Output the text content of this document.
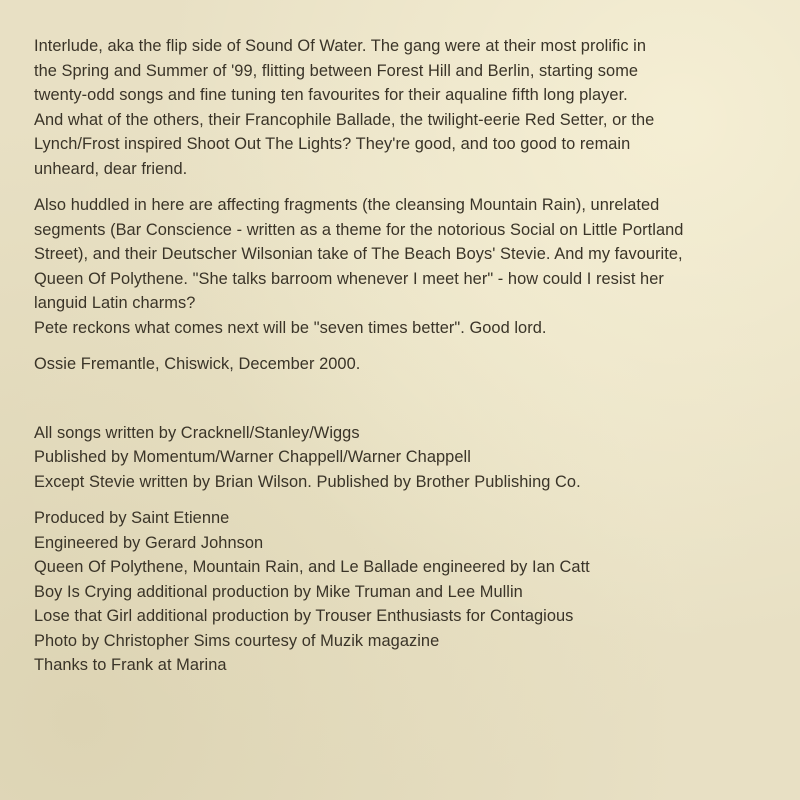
Interlude, aka the flip side of Sound Of Water. The gang were at their most prolific in
the Spring and Summer of '99, flitting between Forest Hill and Berlin, starting some
twenty-odd songs and fine tuning ten favourites for their aqualine fifth long player.
And what of the others, their Francophile Ballade, the twilight-eerie Red Setter, or the
Lynch/Frost inspired Shoot Out The Lights? They're good, and too good to remain
unheard, dear friend.

Also huddled in here are affecting fragments (the cleansing Mountain Rain), unrelated
segments (Bar Conscience - written as a theme for the notorious Social on Little Portland
Street), and their Deutscher Wilsonian take of The Beach Boys' Stevie. And my favourite,
Queen Of Polythene. "She talks barroom whenever I meet her" - how could I resist her
languid Latin charms?
Pete reckons what comes next will be "seven times better". Good lord.

Ossie Fremantle, Chiswick, December 2000.

All songs written by Cracknell/Stanley/Wiggs
Published by Momentum/Warner Chappell/Warner Chappell
Except Stevie written by Brian Wilson. Published by Brother Publishing Co.

Produced by Saint Etienne
Engineered by Gerard Johnson
Queen Of Polythene, Mountain Rain, and Le Ballade engineered by Ian Catt
Boy Is Crying additional production by Mike Truman and Lee Mullin
Lose that Girl additional production by Trouser Enthusiasts for Contagious
Photo by Christopher Sims courtesy of Muzik magazine
Thanks to Frank at Marina
